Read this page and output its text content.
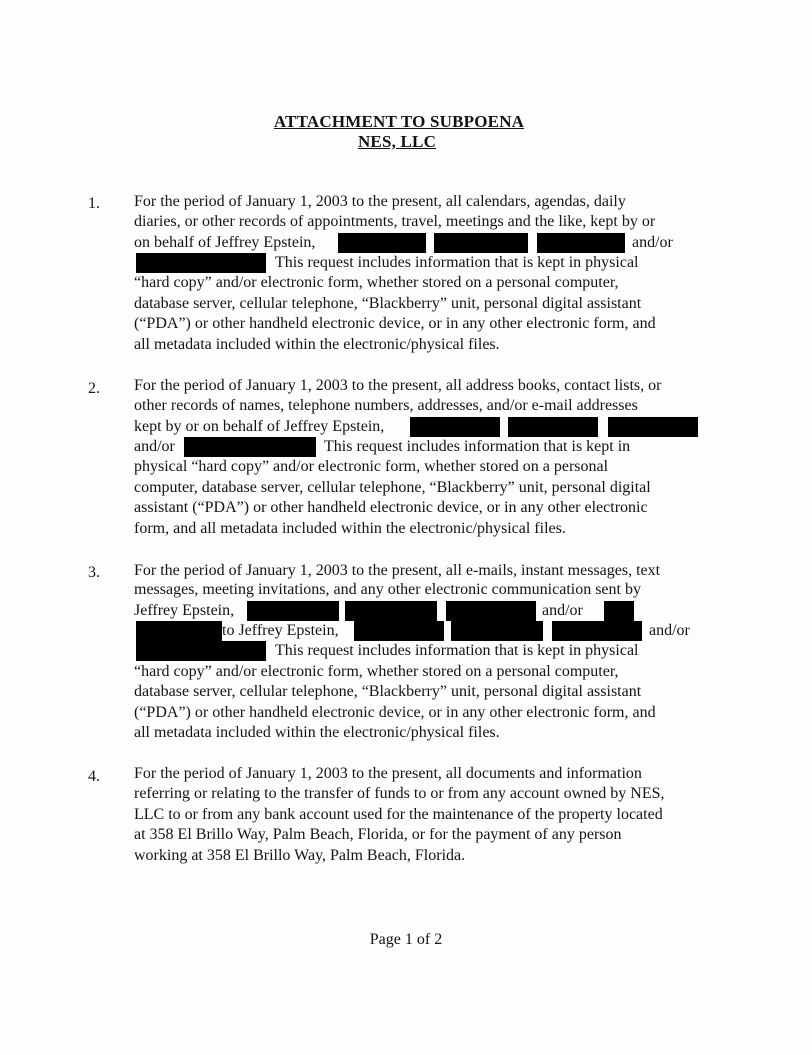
ATTACHMENT TO SUBPOENA
NES, LLC
1. For the period of January 1, 2003 to the present, all calendars, agendas, daily
diaries, or other records of appointments, travel, meetings and the like, kept by or
on behalf of Jeffrey Epstein,	and/or
This request includes information that is kept in physical
“hard copy” and/or electronic form, whether stored on a personal computer,
database server, cellular telephone, “Blackberry” unit, personal digital assistant
(“PDA”) or other handheld electronic device, or in any other electronic form, and
all metadata included within the electronic/physical files.
2. For the period of January 1, 2003 to the present, all address books, contact lists, or
other records of names, telephone numbers, addresses, and/or e-mail addresses
kept by or on behalf of Jeffrey Epstein,
and/or	This request includes information that is kept in
physical “hard copy” and/or electronic form, whether stored on a personal
computer, database server, cellular telephone, “Blackberry” unit, personal digital
assistant (“PDA”) or other handheld electronic device, or in any other electronic
form, and all metadata included within the electronic/physical files.
3. For the period of January 1, 2003 to the present, all e-mails, instant messages, text
messages, meeting invitations, and any other electronic communication sent by
Jeffrey Epstein,	and/or
to Jeffrey Epstein,	and/or
This request includes information that is kept in physical
“hard copy” and/or electronic form, whether stored on a personal computer,
database server, cellular telephone, “Blackberry” unit, personal digital assistant
(“PDA”) or other handheld electronic device, or in any other electronic form, and
all metadata included within the electronic/physical files.
4. For the period of January 1, 2003 to the present, all documents and information
referring or relating to the transfer of funds to or from any account owned by NES,
LLC to or from any bank account used for the maintenance of the property located
at 358 El Brillo Way, Palm Beach, Florida, or for the payment of any person
working at 358 El Brillo Way, Palm Beach, Florida.
Page 1 of 2
